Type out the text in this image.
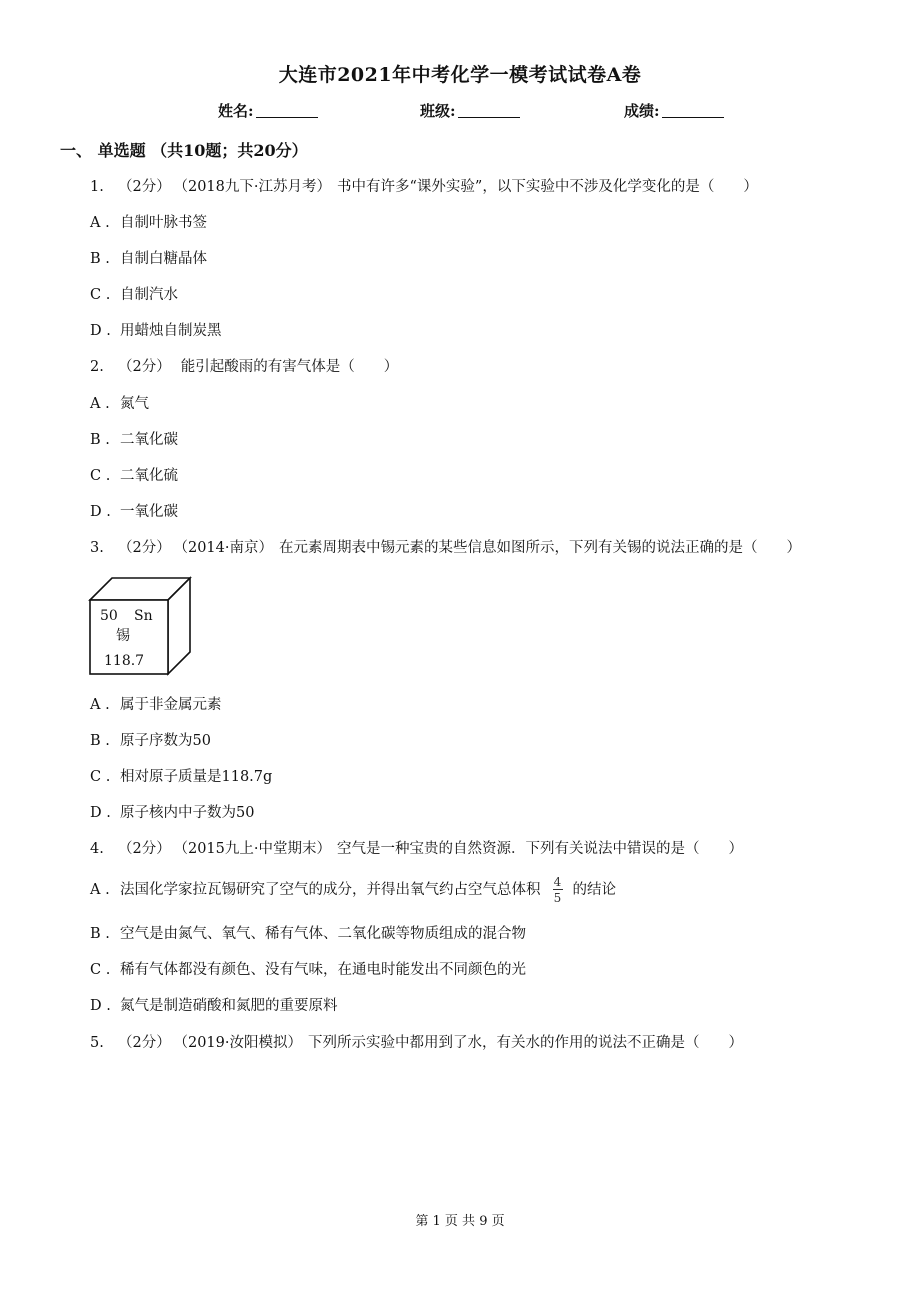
大连市2021年中考化学一模考试试卷A卷
姓名:	班级:	成绩:
一、 单选题 （共10题；共20分）
1. （2分） （2018九下·江苏月考） 书中有许多“课外实验”，以下实验中不涉及化学变化的是（　　）
A . 自制叶脉书签
B . 自制白糖晶体
C . 自制汽水
D . 用蜡烛自制炭黑
2. （2分） 能引起酸雨的有害气体是（　　）
A . 氮气
B . 二氧化碳
C . 二氧化硫
D . 一氧化碳
3. （2分） （2014·南京） 在元素周期表中锡元素的某些信息如图所示，下列有关锡的说法正确的是（　　）
50 Sn
锡
118.7
A . 属于非金属元素
B . 原子序数为50
C . 相对原子质量是118.7g
D . 原子核内中子数为50
4. （2分） （2015九上·中堂期末） 空气是一种宝贵的自然资源．下列有关说法中错误的是（　　）
A . 法国化学家拉瓦锡研究了空气的成分，并得出氧气约占空气总体积 $\frac{4}{5}$ 的结论
B . 空气是由氮气、氧气、稀有气体、二氧化碳等物质组成的混合物
C . 稀有气体都没有颜色、没有气味，在通电时能发出不同颜色的光
D . 氮气是制造硝酸和氮肥的重要原料
5. （2分） （2019·汝阳模拟） 下列所示实验中都用到了水，有关水的作用的说法不正确是（　　）
第 1 页 共 9 页
